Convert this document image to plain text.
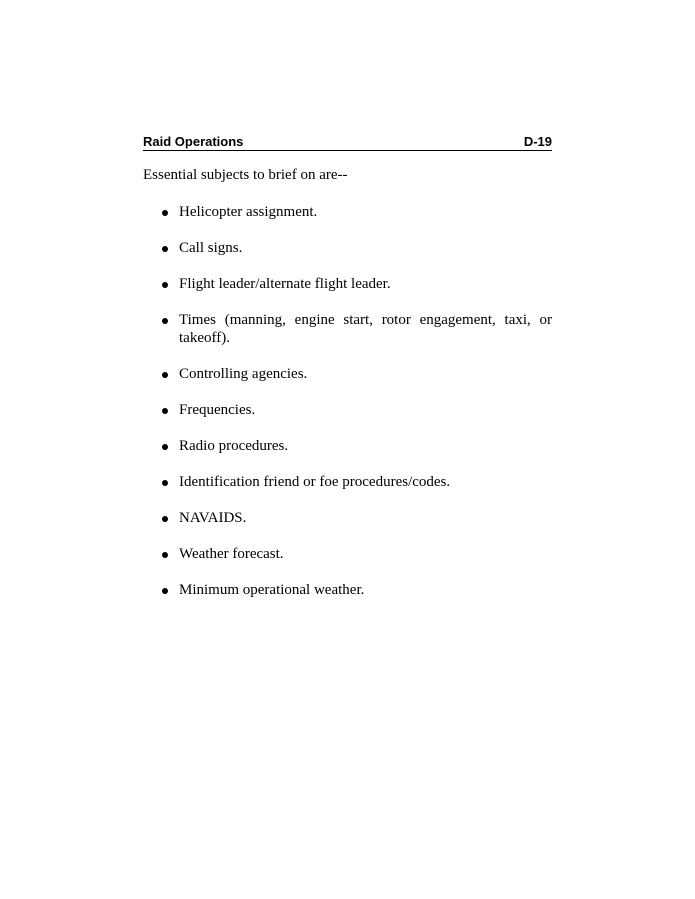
Raid Operations	D-19
Essential subjects to brief on are--
Helicopter assignment.
Call signs.
Flight leader/alternate flight leader.
Times (manning, engine start, rotor engagement, taxi, or takeoff).
Controlling agencies.
Frequencies.
Radio procedures.
Identification friend or foe procedures/codes.
NAVAIDS.
Weather forecast.
Minimum operational weather.
